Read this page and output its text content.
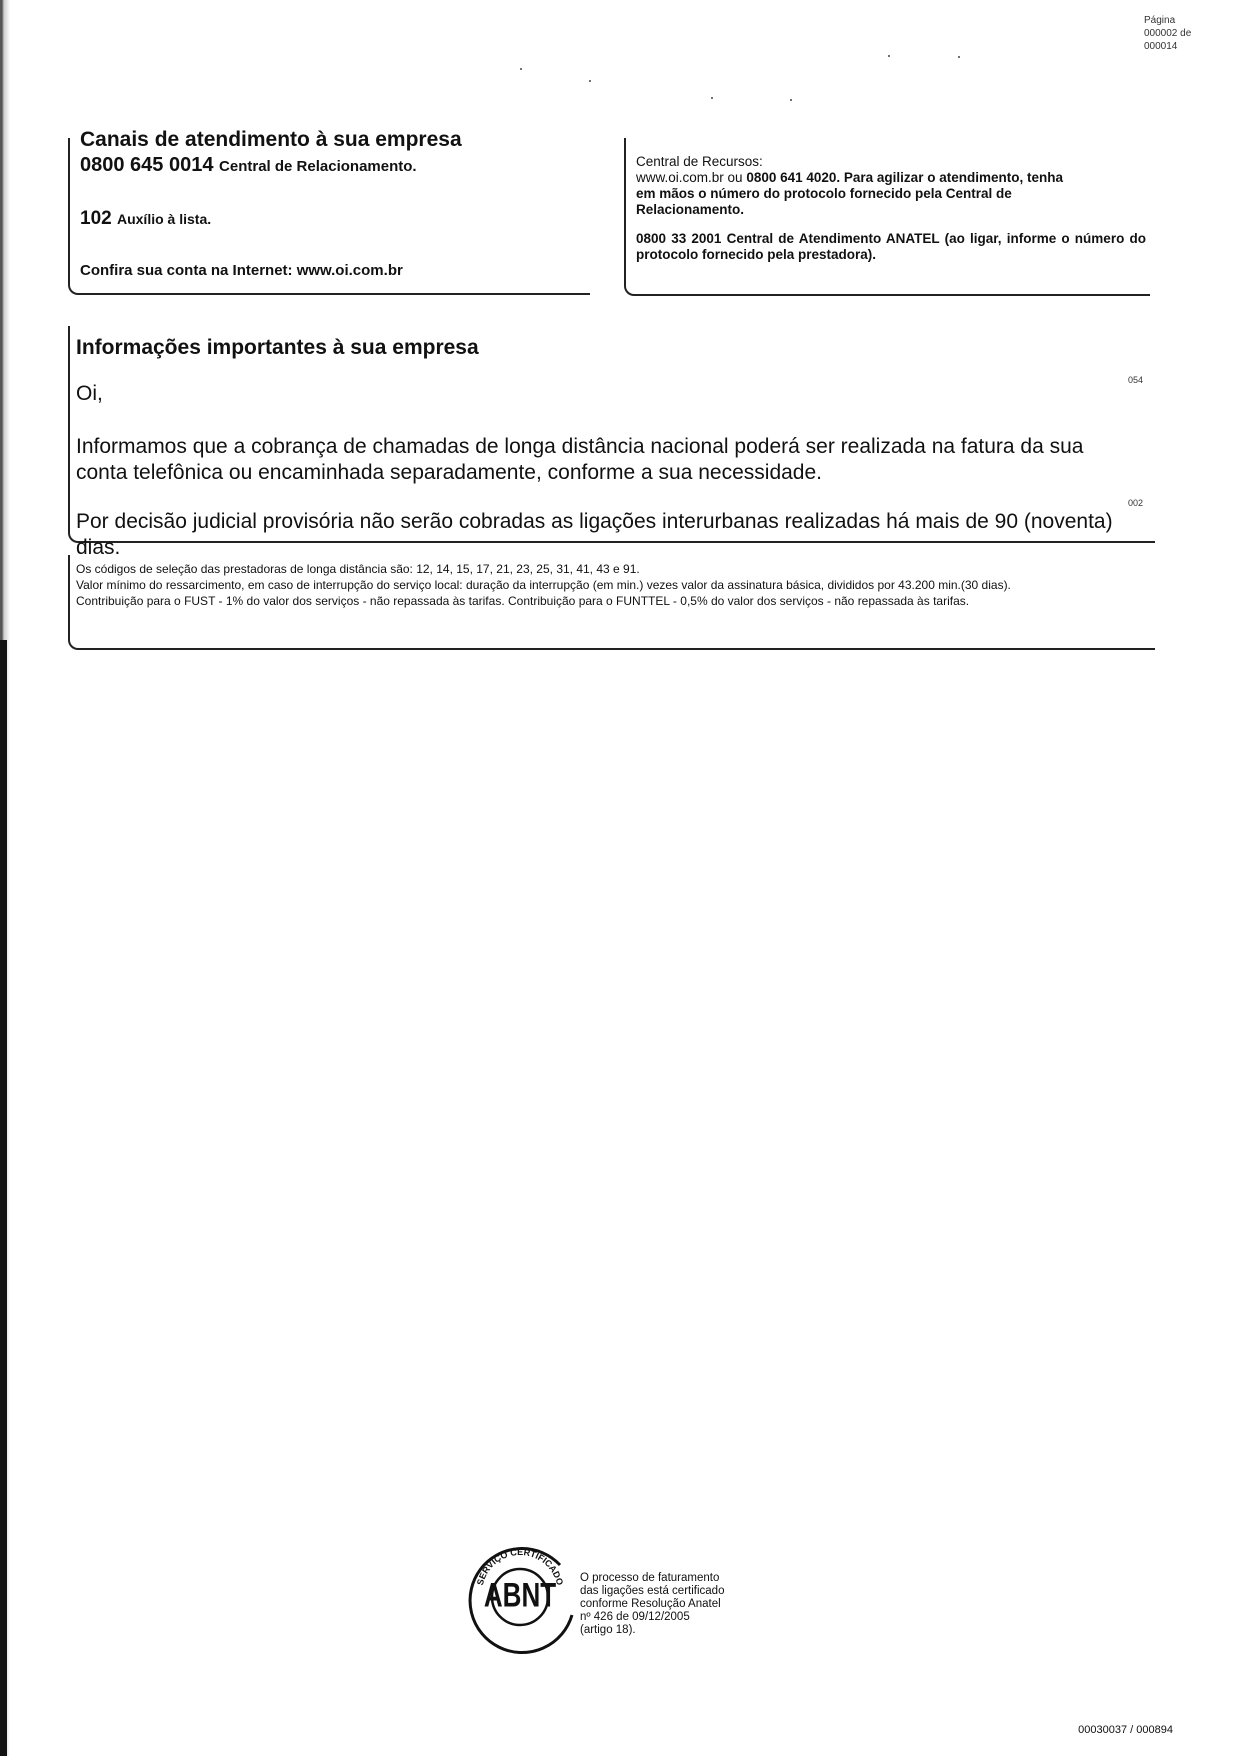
Página
000002 de
000014
Canais de atendimento à sua empresa
0800 645 0014 Central de Relacionamento.
102 Auxílio à lista.
Confira sua conta na Internet: www.oi.com.br
Central de Recursos:
www.oi.com.br ou 0800 641 4020. Para agilizar o atendimento, tenha
em mãos o número do protocolo fornecido pela Central de
Relacionamento.
0800 33 2001 Central de Atendimento ANATEL (ao ligar, informe o número do protocolo fornecido pela prestadora).
Informações importantes à sua empresa
054
Oi,
Informamos que a cobrança de chamadas de longa distância nacional poderá ser realizada na fatura da sua conta telefônica ou encaminhada separadamente, conforme a sua necessidade.
002
Por decisão judicial provisória não serão cobradas as ligações interurbanas realizadas há mais de 90 (noventa) dias.

Os códigos de seleção das prestadoras de longa distância são: 12, 14, 15, 17, 21, 23, 25, 31, 41, 43 e 91.

Valor mínimo do ressarcimento, em caso de interrupção do serviço local: duração da interrupção (em min.) vezes valor da assinatura básica, divididos por 43.200 min.(30 dias).

Contribuição para o FUST - 1% do valor dos serviços - não repassada às tarifas. Contribuição para o FUNTTEL - 0,5% do valor dos serviços - não repassada às tarifas.

SERVIÇO CERTIFICADO
ABNT O processo de faturamento
das ligações está certificado
conforme Resolução Anatel
nº 426 de 09/12/2005
(artigo 18).
00030037 / 000894
